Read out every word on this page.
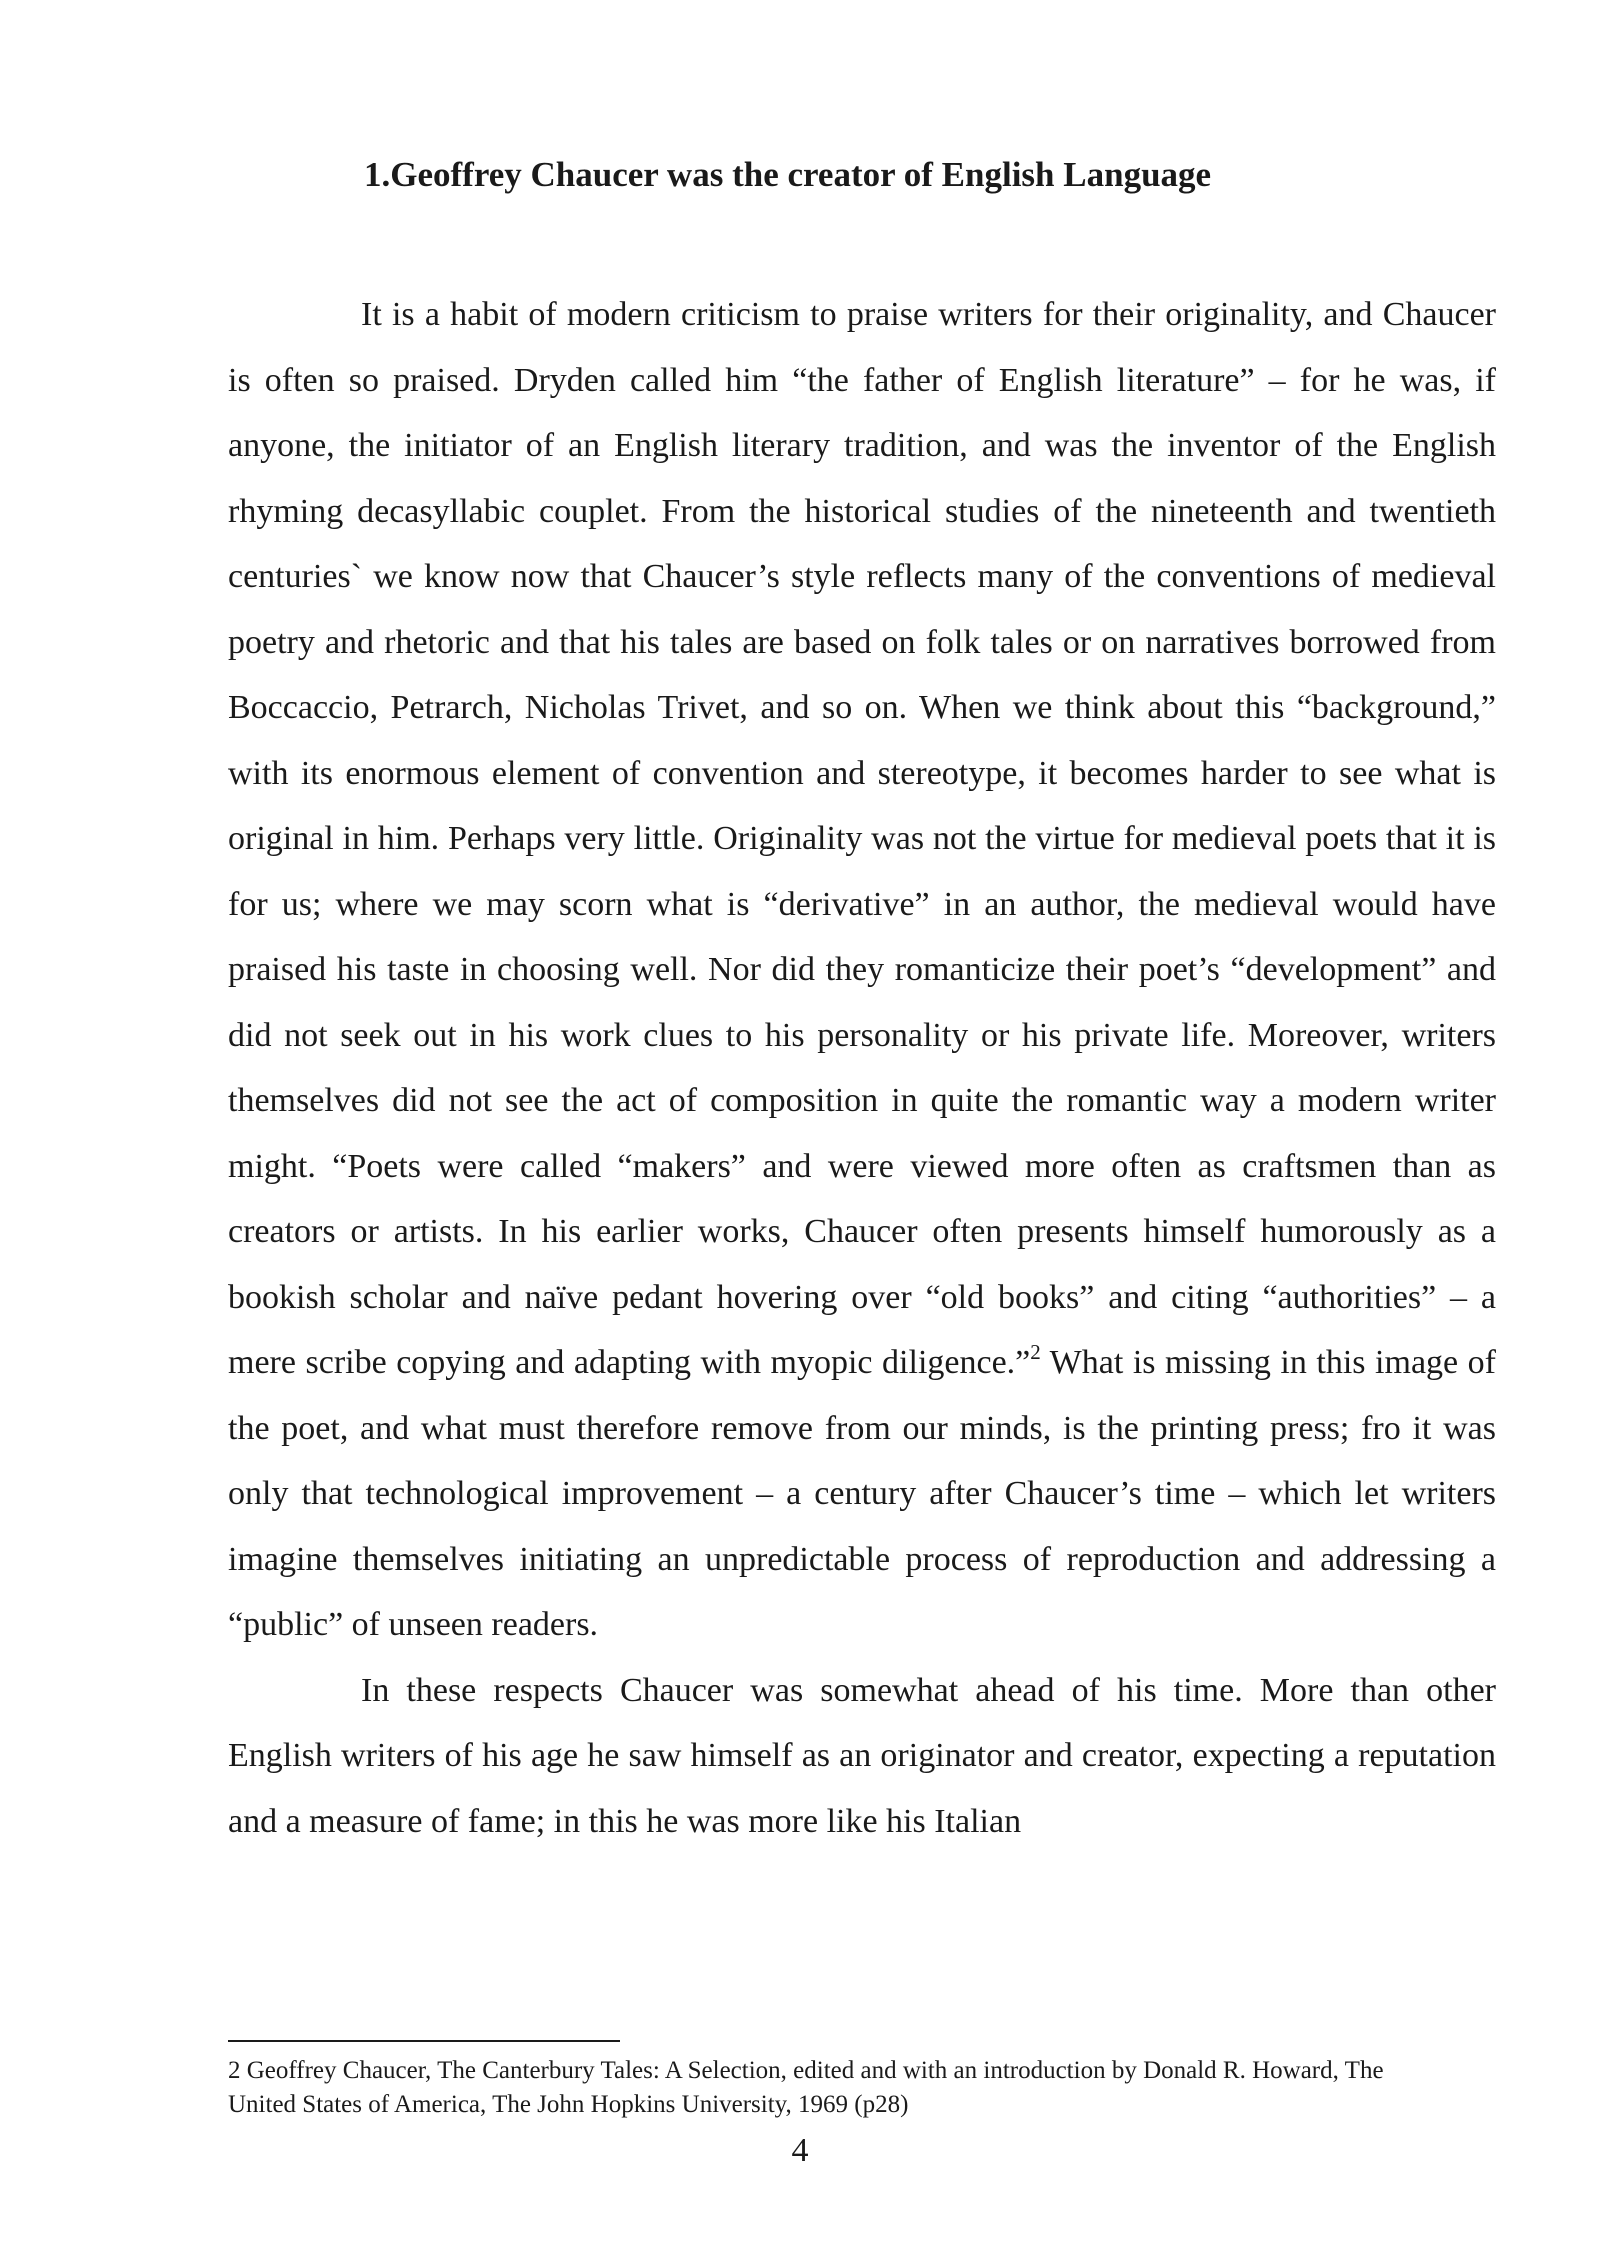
1.Geoffrey Chaucer was the creator of English Language

It is a habit of modern criticism to praise writers for their originality, and Chaucer is often so praised. Dryden called him “the father of English literature” – for he was, if anyone, the initiator of an English literary tradition, and was the inventor of the English rhyming decasyllabic couplet. From the historical studies of the nineteenth and twentieth centuries` we know now that Chaucer’s style reflects many of the conventions of medieval poetry and rhetoric and that his tales are based on folk tales or on narratives borrowed from Boccaccio, Petrarch, Nicholas Trivet, and so on. When we think about this “background,” with its enormous element of convention and stereotype, it becomes harder to see what is original in him. Perhaps very little. Originality was not the virtue for medieval poets that it is for us; where we may scorn what is “derivative” in an author, the medieval would have praised his taste in choosing well. Nor did they romanticize their poet’s “development” and did not seek out in his work clues to his personality or his private life. Moreover, writers themselves did not see the act of composition in quite the romantic way a modern writer might. “Poets were called “makers” and were viewed more often as craftsmen than as creators or artists. In his earlier works, Chaucer often presents himself humorously as a bookish scholar and naïve pedant hovering over “old books” and citing “authorities” – a mere scribe copying and adapting with myopic diligence.”$^2$ What is missing in this image of the poet, and what must therefore remove from our minds, is the printing press; fro it was only that technological improvement – a century after Chaucer’s time – which let writers imagine themselves initiating an unpredictable process of reproduction and addressing a “public” of unseen readers.

In these respects Chaucer was somewhat ahead of his time. More than other English writers of his age he saw himself as an originator and creator, expecting a reputation and a measure of fame; in this he was more like his Italian

2 Geoffrey Chaucer, The Canterbury Tales: A Selection, edited and with an introduction by Donald R. Howard, The United States of America, The John Hopkins University, 1969 (p28)

4
